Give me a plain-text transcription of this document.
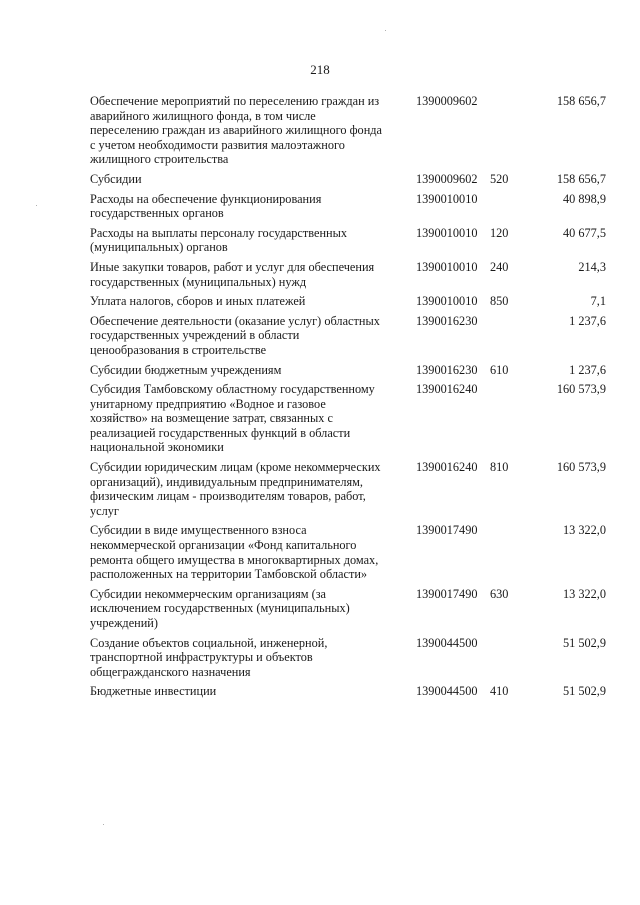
218
Обеспечение мероприятий по переселению граждан из аварийного жилищного фонда, в том числе переселению граждан из аварийного жилищного фонда с учетом необходимости развития малоэтажного жилищного строительства	1390009602		158 656,7
Субсидии	1390009602	520	158 656,7
Расходы на обеспечение функционирования государственных органов	1390010010		40 898,9
Расходы на выплаты персоналу государственных (муниципальных) органов	1390010010	120	40 677,5
Иные закупки товаров, работ и услуг для обеспечения государственных (муниципальных) нужд	1390010010	240	214,3
Уплата налогов, сборов и иных платежей	1390010010	850	7,1
Обеспечение деятельности (оказание услуг) областных государственных учреждений в области ценообразования в строительстве	1390016230		1 237,6
Субсидии бюджетным учреждениям	1390016230	610	1 237,6
Субсидия Тамбовскому областному государственному унитарному предприятию «Водное и газовое хозяйство» на возмещение затрат, связанных с реализацией государственных функций в области национальной экономики	1390016240		160 573,9
Субсидии юридическим лицам (кроме некоммерческих организаций), индивидуальным предпринимателям, физическим лицам - производителям товаров, работ, услуг	1390016240	810	160 573,9
Субсидии в виде имущественного взноса некоммерческой организации «Фонд капитального ремонта общего имущества в многоквартирных домах, расположенных на территории Тамбовской области»	1390017490		13 322,0
Субсидии некоммерческим организациям (за исключением государственных (муниципальных) учреждений)	1390017490	630	13 322,0
Создание объектов социальной, инженерной, транспортной инфраструктуры и объектов общегражданского назначения	1390044500		51 502,9
Бюджетные инвестиции	1390044500	410	51 502,9
